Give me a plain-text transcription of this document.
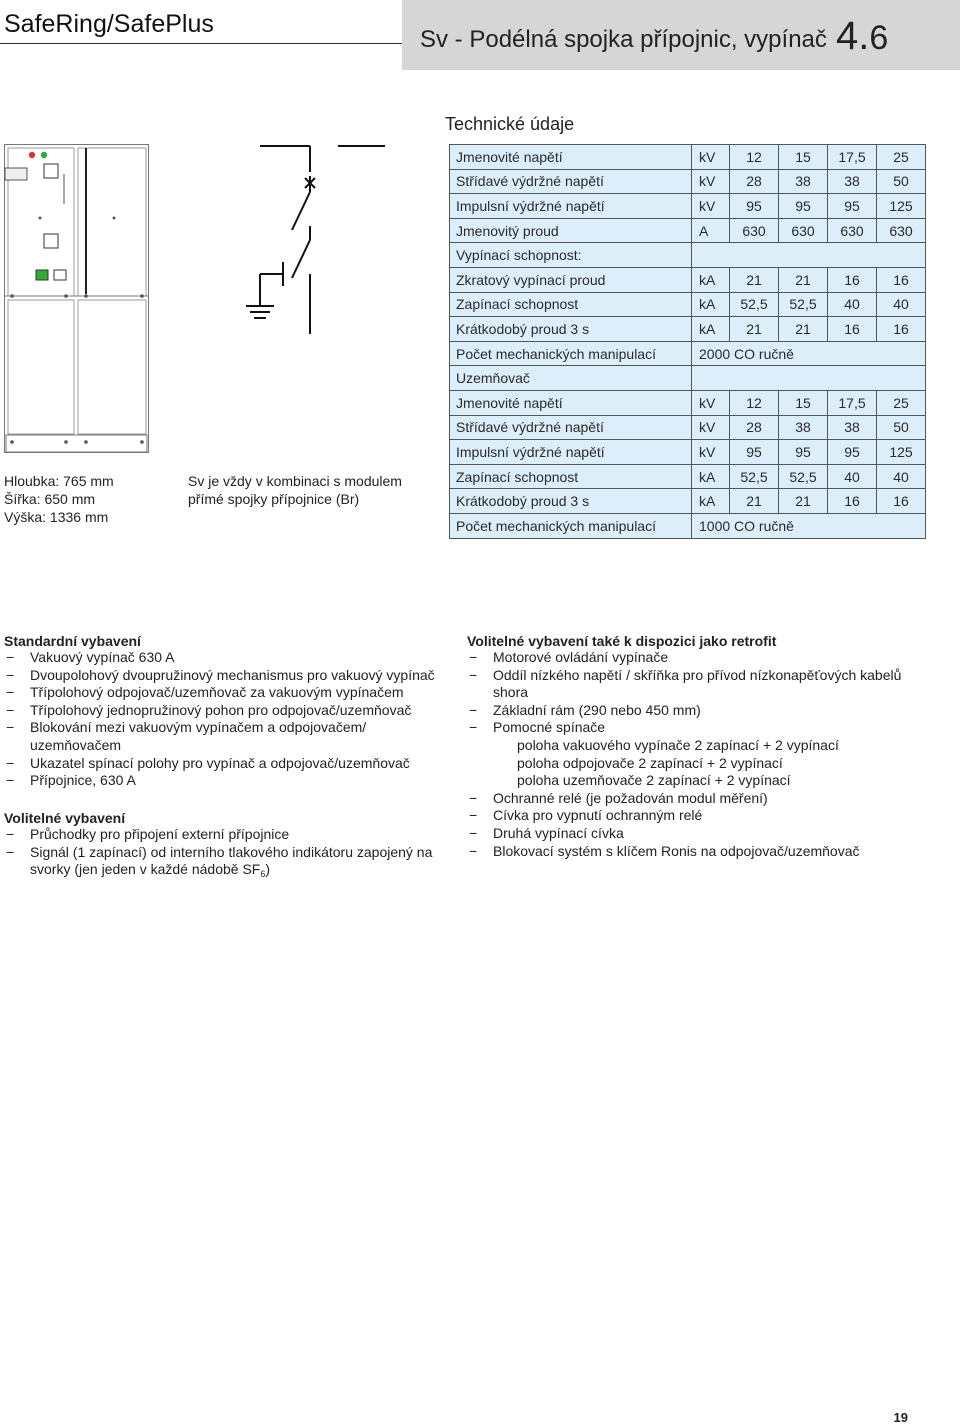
SafeRing/SafePlus
Sv - Podélná spojka přípojnic, vypínač 4.6
Technické údaje
Jmenovité napětí	kV	12	15	17,5	25
Střídavé výdržné napětí	kV	28	38	38	50
Impulsní výdržné napětí	kV	95	95	95	125
Jmenovitý proud	A	630	630	630	630
Vypínací schopnost:					
Zkratový vypínací proud	kA	21	21	16	16
Zapínací schopnost	kA	52,5	52,5	40	40
Krátkodobý proud 3 s	kA	21	21	16	16
Počet mechanických manipulací	2000 CO ručně				
Uzemňovač					
Jmenovité napětí	kV	12	15	17,5	25
Střídavé výdržné napětí	kV	28	38	38	50
Impulsní výdržné napětí	kV	95	95	95	125
Zapínací schopnost	kA	52,5	52,5	40	40
Krátkodobý proud 3 s	kA	21	21	16	16
Počet mechanických manipulací	1000 CO ručně				
Hloubka: 765 mm
Šířka: 650 mm
Výška: 1336 mm
Sv je vždy v kombinaci s modulem
přímé spojky přípojnice (Br)
Standardní vybavení
− Vakuový vypínač 630 A
− Dvoupolohový dvoupružinový mechanismus pro vakuový vypínač
− Třípolohový odpojovač/uzemňovač za vakuovým vypínačem
− Třípolohový jednopružinový pohon pro odpojovač/uzemňovač
− Blokování mezi vakuovým vypínačem a odpojovačem/
uzemňovačem
− Ukazatel spínací polohy pro vypínač a odpojovač/uzemňovač
− Přípojnice, 630 A
Volitelné vybavení
− Průchodky pro připojení externí přípojnice
− Signál (1 zapínací) od interního tlakového indikátoru zapojený na
svorky (jen jeden v každé nádobě $SF_6$)
Volitelné vybavení také k dispozici jako retrofit
− Motorové ovládání vypínače
− Oddíl nízkého napětí / skříňka pro přívod nízkonapěťových kabelů
shora
− Základní rám (290 nebo 450 mm)
− Pomocné spínače
poloha vakuového vypínače 2 zapínací + 2 vypínací
poloha odpojovače 2 zapínací + 2 vypínací
poloha uzemňovače 2 zapínací + 2 vypínací
− Ochranné relé (je požadován modul měření)
− Cívka pro vypnutí ochranným relé
− Druhá vypínací cívka
− Blokovací systém s klíčem Ronis na odpojovač/uzemňovač
19
